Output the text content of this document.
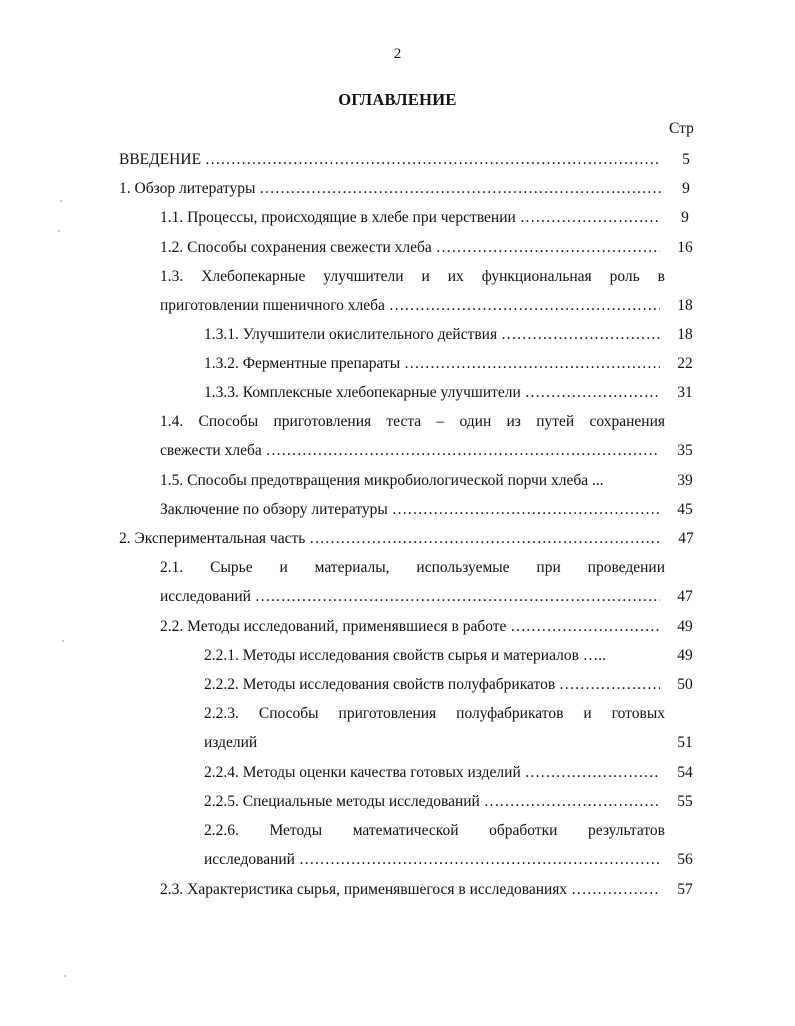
2
ОГЛАВЛЕНИЕ
Стр
ВВЕДЕНИЕ …………………………………………………………………………………………………………………………………………………………………	5
1. Обзор литературы …………………………………………………………………………………………………………………………………………………………………	9
1.1. Процессы, происходящие в хлебе при черствении …………………………………………………………………………………………………………………………………………………………………	9
1.2. Способы сохранения свежести хлеба …………………………………………………………………………………………………………………………………………………………………	16
1.3. Хлебопекарные улучшители и их функциональная роль в
приготовлении пшеничного хлеба …………………………………………………………………………………………………………………………………………………………………	18
1.3.1. Улучшители окислительного действия …………………………………………………………………………………………………………………………………………………………………	18
1.3.2. Ферментные препараты …………………………………………………………………………………………………………………………………………………………………	22
1.3.3. Комплексные хлебопекарные улучшители …………………………………………………………………………………………………………………………………………………………………	31
1.4. Способы приготовления теста – один из путей сохранения
свежести хлеба …………………………………………………………………………………………………………………………………………………………………	35
1.5. Способы предотвращения микробиологической порчи хлеба ...	39
Заключение по обзору литературы …………………………………………………………………………………………………………………………………………………………………	45
2. Экспериментальная часть …………………………………………………………………………………………………………………………………………………………………	47
2.1. Сырье и материалы, используемые при проведении
исследований …………………………………………………………………………………………………………………………………………………………………	47
2.2. Методы исследований, применявшиеся в работе …………………………………………………………………………………………………………………………………………………………………	49
2.2.1. Методы исследования свойств сырья и материалов …..	49
2.2.2. Методы исследования свойств полуфабрикатов …………………………………………………………………………………………………………………………………………………………………	50
2.2.3. Способы приготовления полуфабрикатов и готовых
изделий	51
2.2.4. Методы оценки качества готовых изделий …………………………………………………………………………………………………………………………………………………………………	54
2.2.5. Специальные методы исследований …………………………………………………………………………………………………………………………………………………………………	55
2.2.6. Методы математической обработки результатов
исследований …………………………………………………………………………………………………………………………………………………………………	56
2.3. Характеристика сырья, применявшегося в исследованиях …………………………………………………………………………………………………………………………………………………………………	57
